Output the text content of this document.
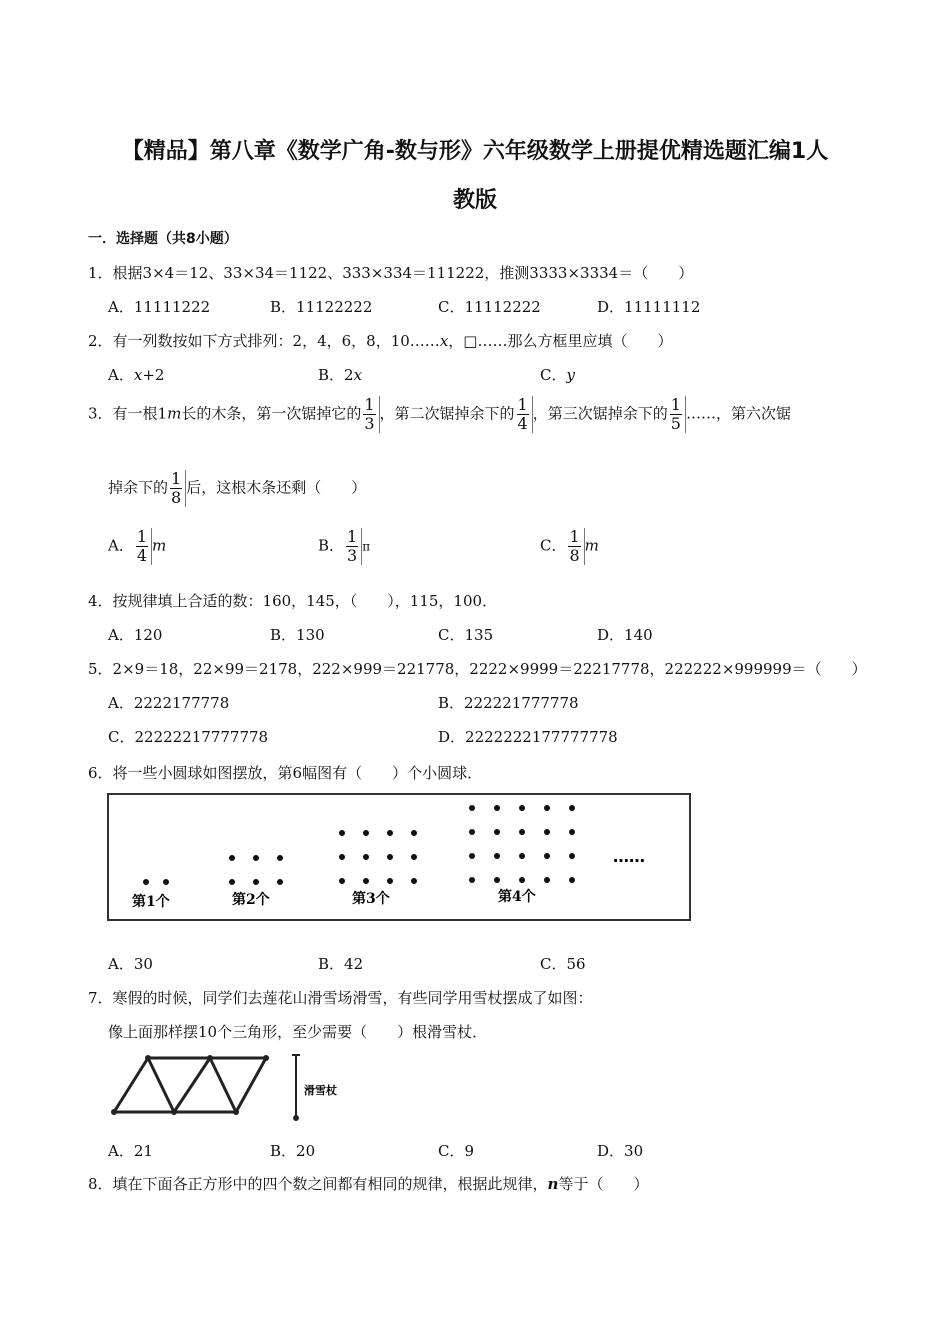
【精品】第八章《数学广角-数与形》六年级数学上册提优精选题汇编1人
教版
一．选择题（共8小题）
1．根据3×4＝12、33×34＝1122、333×334＝111222，推测3333×3334＝（　　）
A．11111222	B．11122222	C．11112222	D．11111112
2．有一列数按如下方式排列：2，4，6，8，10……x，□……那么方框里应填（　　）
A．x+2	B．2x	C．y
3．有一根1m长的木条，第一次锯掉它的 $\frac{1}{3}$ ，第二次锯掉余下的 $\frac{1}{4}$ ，第三次锯掉余下的 $\frac{1}{5}$ ……，第六次锯
掉余下的 $\frac{1}{8}$ 后，这根木条还剩（　　）
A． $\frac{1}{4}$ m	B． $\frac{1}{3}$ π	C． $\frac{1}{8}$ m
4．按规律填上合适的数：160，145，（　　），115，100．
A．120	B．130	C．135	D．140
5．2×9＝18，22×99＝2178，222×999＝221778，2222×9999＝22217778，222222×999999＝（　　）
A．2222177778	B．222221777778
C．22222217777778	D．2222222177777778
6．将一些小圆球如图摆放，第6幅图有（　　）个小圆球．
……
第1个	第2个	第3个	第4个
A．30	B．42	C．56
7．寒假的时候，同学们去莲花山滑雪场滑雪，有些同学用雪杖摆成了如图：
像上面那样摆10个三角形，至少需要（　　）根滑雪杖．
滑雪杖
A．21	B．20	C．9	D．30
8．填在下面各正方形中的四个数之间都有相同的规律，根据此规律，n等于（　　）
